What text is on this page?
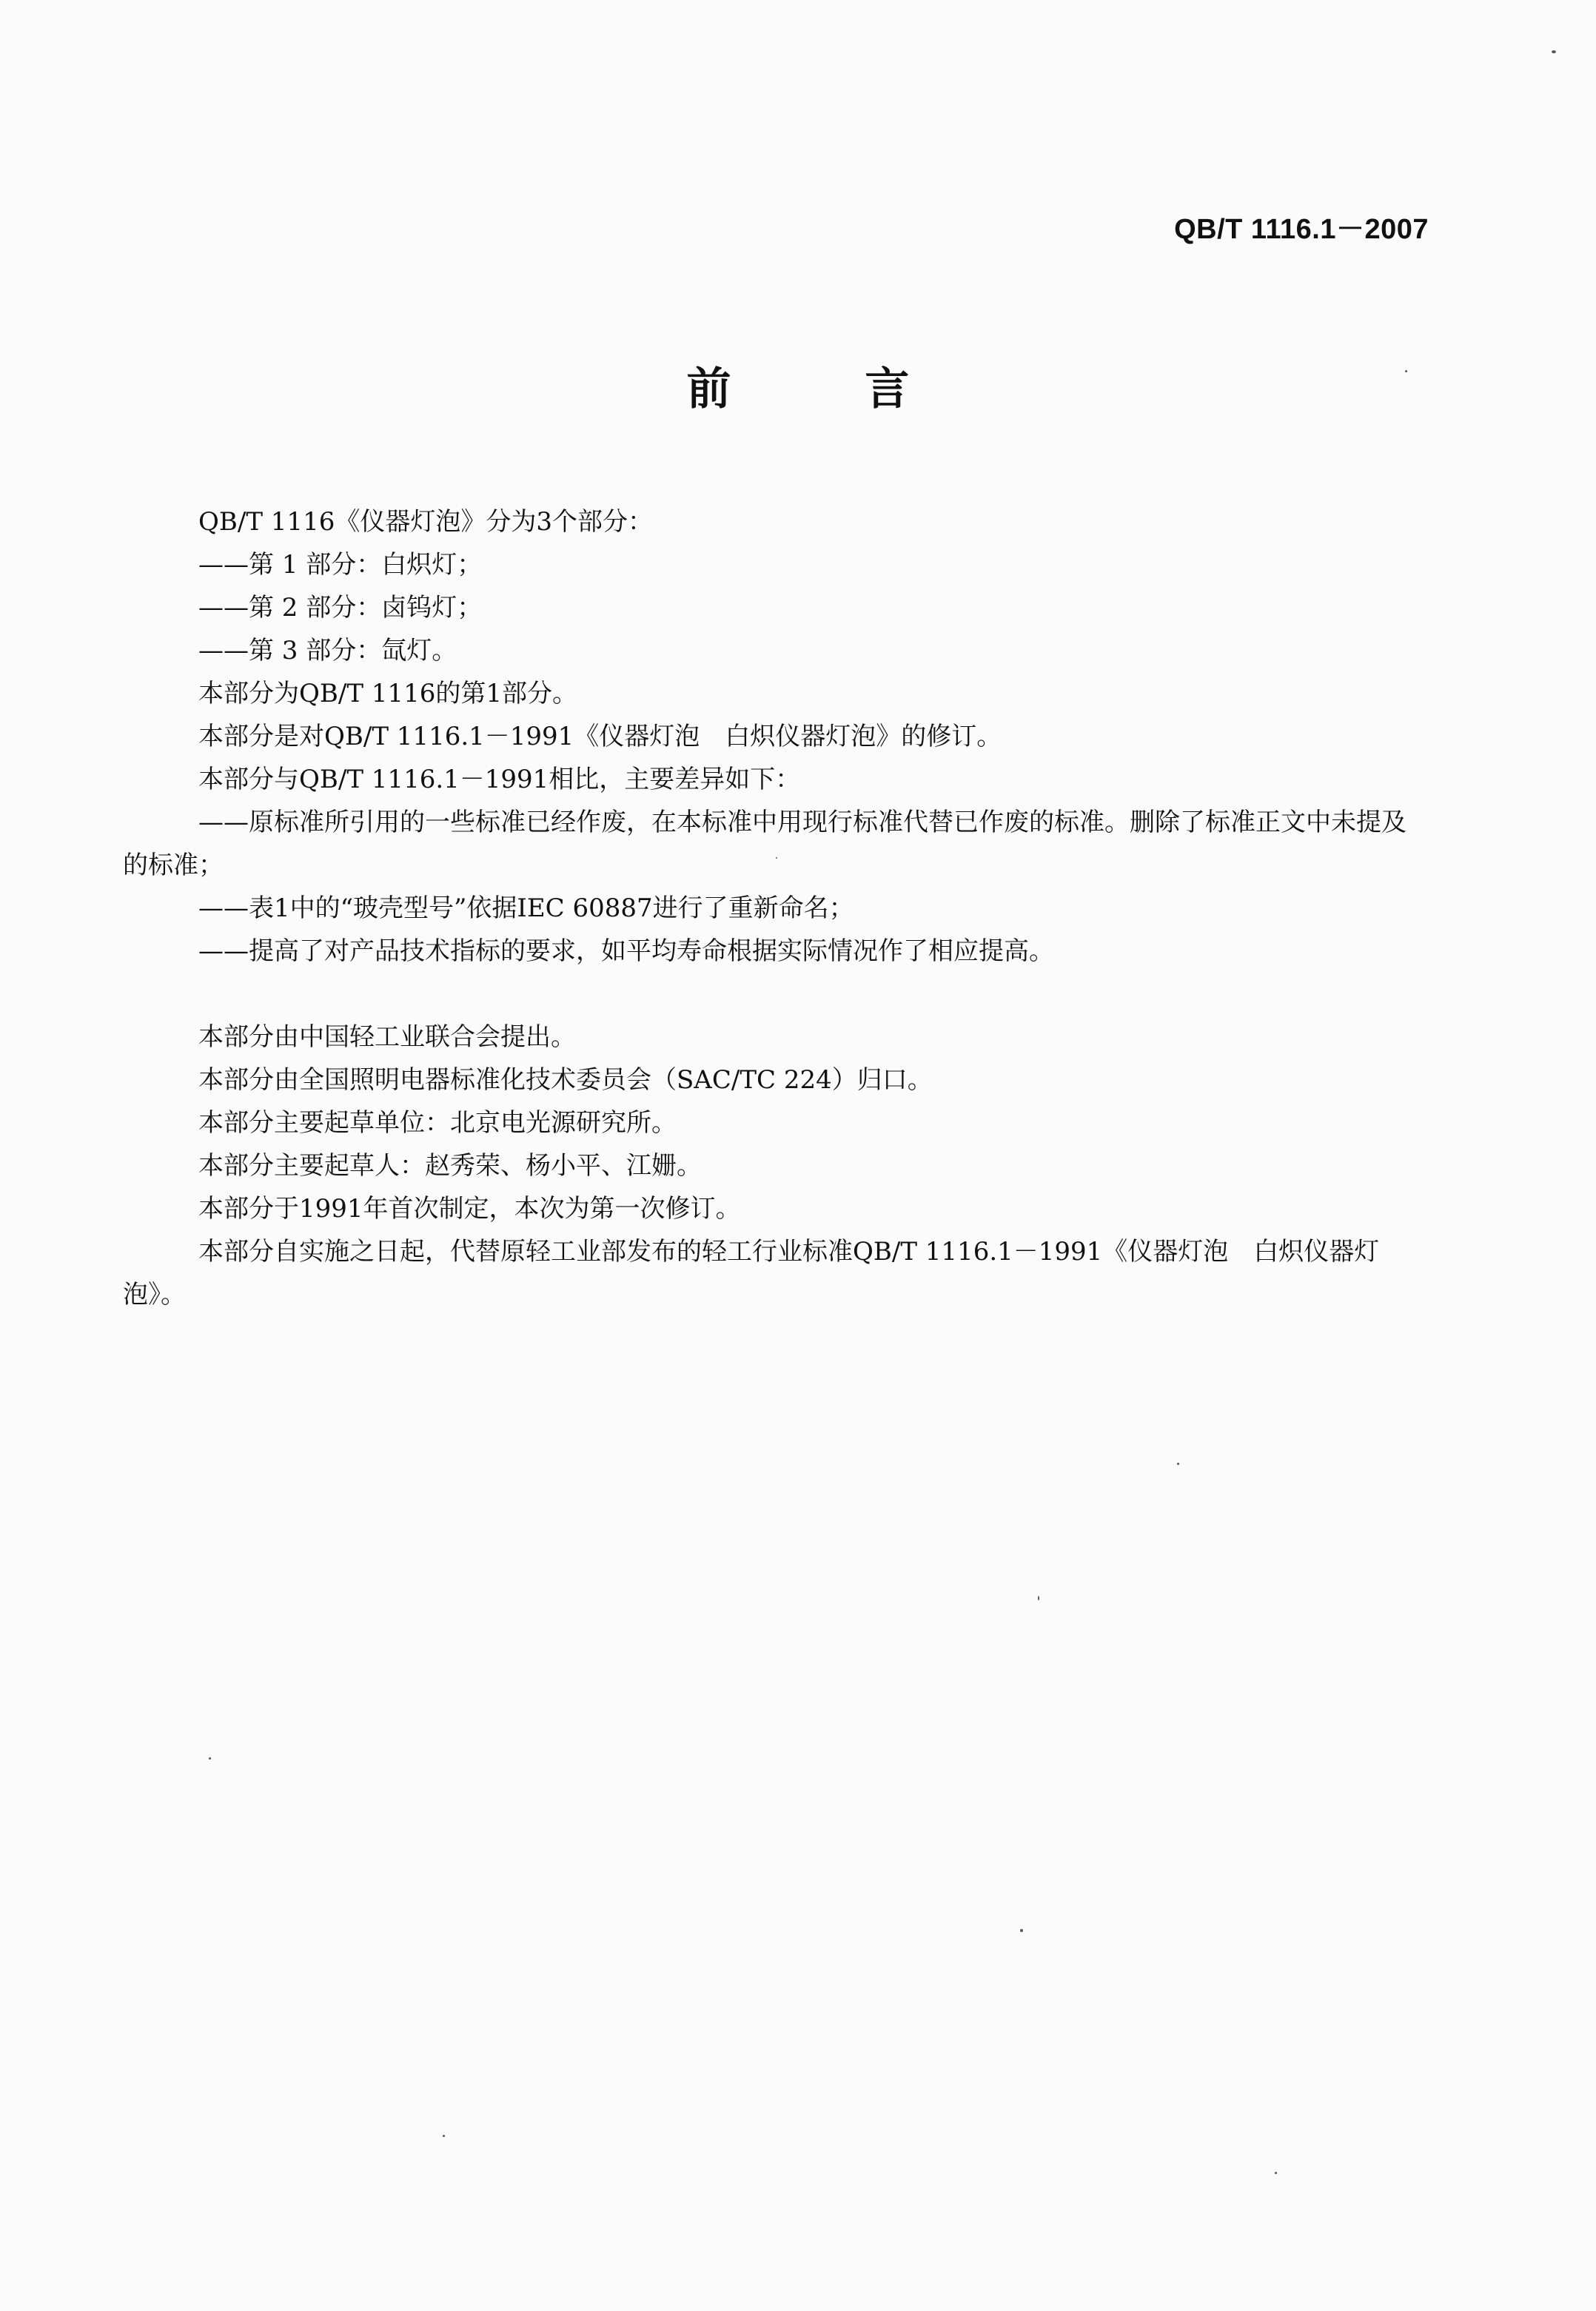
QB/T 1116.1－2007
前 言

QB/T 1116《仪器灯泡》分为3个部分：

——第 1 部分：白炽灯；

——第 2 部分：卤钨灯；

——第 3 部分：氙灯。

本部分为QB/T 1116的第1部分。

本部分是对QB/T 1116.1－1991《仪器灯泡　白炽仪器灯泡》的修订。

本部分与QB/T 1116.1－1991相比，主要差异如下：

——原标准所引用的一些标准已经作废，在本标准中用现行标准代替已作废的标准。删除了标准正文中未提及的标准；

——表1中的“玻壳型号”依据IEC 60887进行了重新命名；

——提高了对产品技术指标的要求，如平均寿命根据实际情况作了相应提高。

本部分由中国轻工业联合会提出。

本部分由全国照明电器标准化技术委员会（SAC/TC 224）归口。

本部分主要起草单位：北京电光源研究所。

本部分主要起草人：赵秀荣、杨小平、江姗。

本部分于1991年首次制定，本次为第一次修订。

本部分自实施之日起，代替原轻工业部发布的轻工行业标准QB/T 1116.1－1991《仪器灯泡　白炽仪器灯泡》。
